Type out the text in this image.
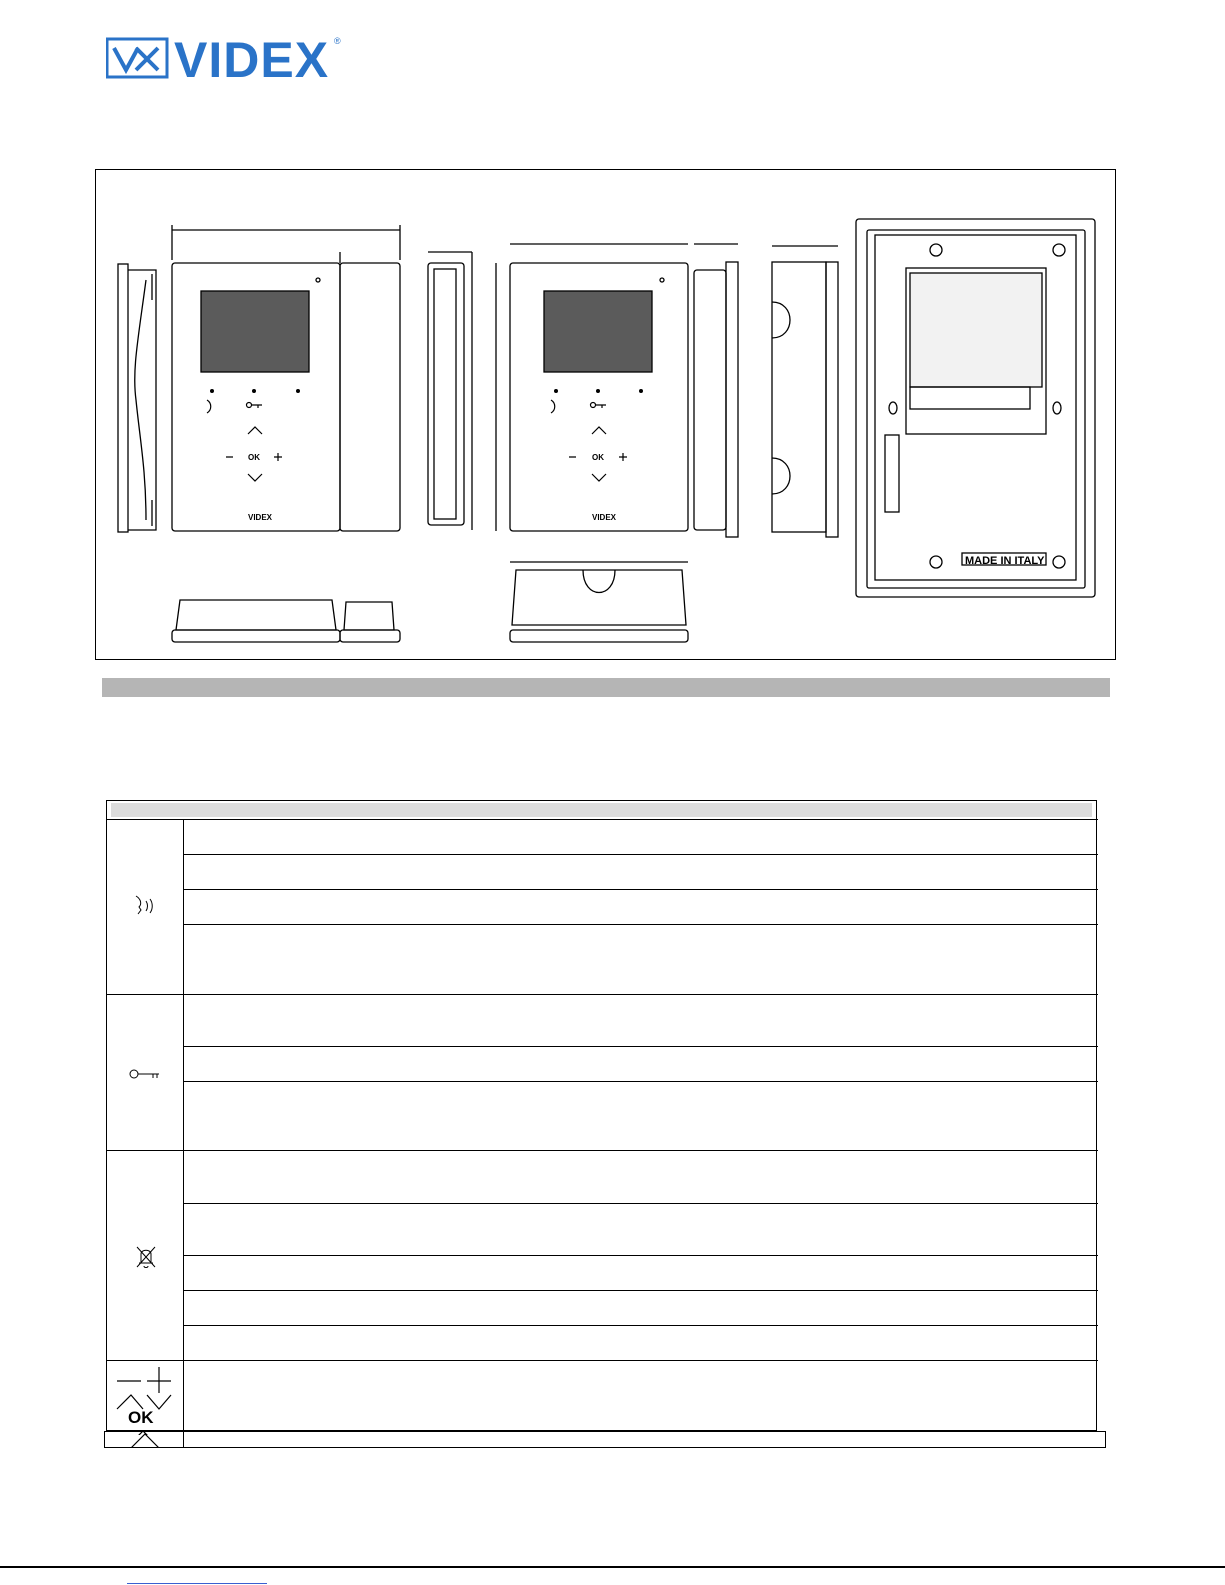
VIDEX ®
OK	OK
VIDEX	VIDEX
MADE IN ITALY
OK
